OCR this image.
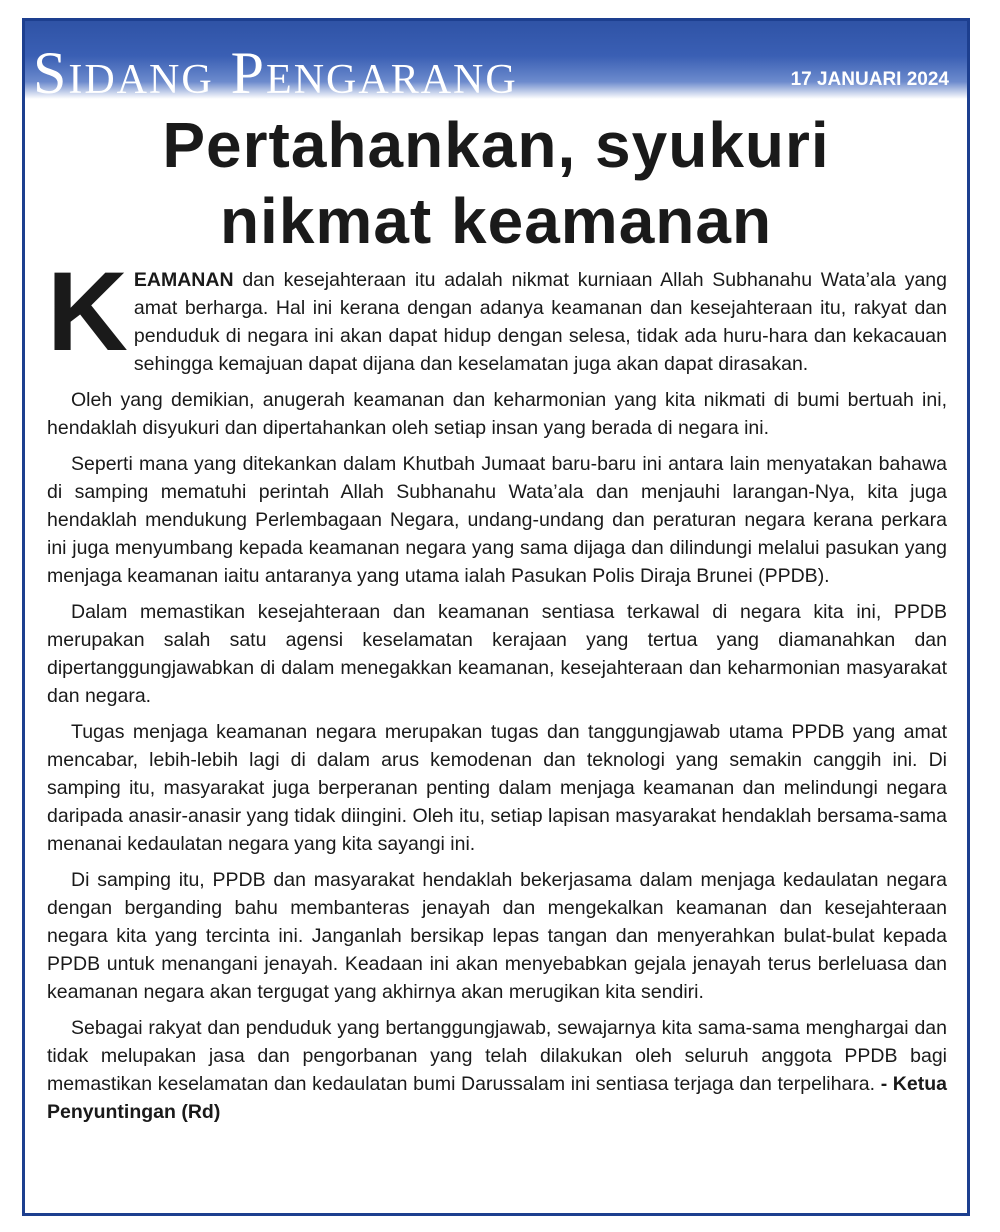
Sidang Pengarang	17 JANUARI 2024
Pertahankan, syukuri
nikmat keamanan

KEAMANAN dan kesejahteraan itu adalah nikmat kurniaan Allah Subhanahu Wata’ala yang amat berharga. Hal ini kerana dengan adanya keamanan dan kesejahteraan itu, rakyat dan penduduk di negara ini akan dapat hidup dengan selesa, tidak ada huru-hara dan kekacauan sehingga kemajuan dapat dijana dan keselamatan juga akan dapat dirasakan.

Oleh yang demikian, anugerah keamanan dan keharmonian yang kita nikmati di bumi bertuah ini, hendaklah disyukuri dan dipertahankan oleh setiap insan yang berada di negara ini.

Seperti mana yang ditekankan dalam Khutbah Jumaat baru-baru ini antara lain menyatakan bahawa di samping mematuhi perintah Allah Subhanahu Wata’ala dan menjauhi larangan-Nya, kita juga hendaklah mendukung Perlembagaan Negara, undang-undang dan peraturan negara kerana perkara ini juga menyumbang kepada keamanan negara yang sama dijaga dan dilindungi melalui pasukan yang menjaga keamanan iaitu antaranya yang utama ialah Pasukan Polis Diraja Brunei (PPDB).

Dalam memastikan kesejahteraan dan keamanan sentiasa terkawal di negara kita ini, PPDB merupakan salah satu agensi keselamatan kerajaan yang tertua yang diamanahkan dan dipertanggungjawabkan di dalam menegakkan keamanan, kesejahteraan dan keharmonian masyarakat dan negara.

Tugas menjaga keamanan negara merupakan tugas dan tanggungjawab utama PPDB yang amat mencabar, lebih-lebih lagi di dalam arus kemodenan dan teknologi yang semakin canggih ini. Di samping itu, masyarakat juga berperanan penting dalam menjaga keamanan dan melindungi negara daripada anasir-anasir yang tidak diingini. Oleh itu, setiap lapisan masyarakat hendaklah bersama-sama menanai kedaulatan negara yang kita sayangi ini.

Di samping itu, PPDB dan masyarakat hendaklah bekerjasama dalam menjaga kedaulatan negara dengan berganding bahu membanteras jenayah dan mengekalkan keamanan dan kesejahteraan negara kita yang tercinta ini. Janganlah bersikap lepas tangan dan menyerahkan bulat-bulat kepada PPDB untuk menangani jenayah. Keadaan ini akan menyebabkan gejala jenayah terus berleluasa dan keamanan negara akan tergugat yang akhirnya akan merugikan kita sendiri.

Sebagai rakyat dan penduduk yang bertanggungjawab, sewajarnya kita sama-sama menghargai dan tidak melupakan jasa dan pengorbanan yang telah dilakukan oleh seluruh anggota PPDB bagi memastikan keselamatan dan kedaulatan bumi Darussalam ini sentiasa terjaga dan terpelihara. - Ketua Penyuntingan (Rd)
